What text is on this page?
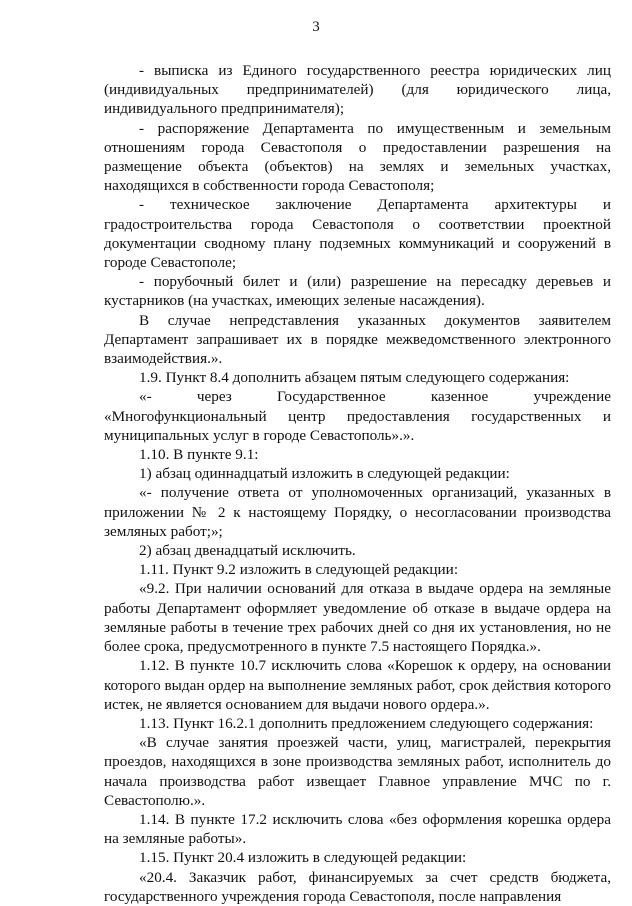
3

- выписка из Единого государственного реестра юридических лиц (индивидуальных предпринимателей) (для юридического лица, индивидуального предпринимателя);

- распоряжение Департамента по имущественным и земельным отношениям города Севастополя о предоставлении разрешения на размещение объекта (объектов) на землях и земельных участках, находящихся в собственности города Севастополя;

- техническое заключение Департамента архитектуры и градостроительства города Севастополя о соответствии проектной документации сводному плану подземных коммуникаций и сооружений в городе Севастополе;

- порубочный билет и (или) разрешение на пересадку деревьев и кустарников (на участках, имеющих зеленые насаждения).

В случае непредставления указанных документов заявителем Департамент запрашивает их в порядке межведомственного электронного взаимодействия.».

1.9. Пункт 8.4 дополнить абзацем пятым следующего содержания:

«- через Государственное казенное учреждение «Многофункциональный центр предоставления государственных и муниципальных услуг в городе Севастополь».».

1.10. В пункте 9.1:

1) абзац одиннадцатый изложить в следующей редакции:

«- получение ответа от уполномоченных организаций, указанных в приложении № 2 к настоящему Порядку, о несогласовании производства земляных работ;»;

2) абзац двенадцатый исключить.

1.11. Пункт 9.2 изложить в следующей редакции:

«9.2. При наличии оснований для отказа в выдаче ордера на земляные работы Департамент оформляет уведомление об отказе в выдаче ордера на земляные работы в течение трех рабочих дней со дня их установления, но не более срока, предусмотренного в пункте 7.5 настоящего Порядка.».

1.12. В пункте 10.7 исключить слова «Корешок к ордеру, на основании которого выдан ордер на выполнение земляных работ, срок действия которого истек, не является основанием для выдачи нового ордера.».

1.13. Пункт 16.2.1 дополнить предложением следующего содержания:

«В случае занятия проезжей части, улиц, магистралей, перекрытия проездов, находящихся в зоне производства земляных работ, исполнитель до начала производства работ извещает Главное управление МЧС по г. Севастополю.».

1.14. В пункте 17.2 исключить слова «без оформления корешка ордера на земляные работы».

1.15. Пункт 20.4 изложить в следующей редакции:

«20.4. Заказчик работ, финансируемых за счет средств бюджета, государственного учреждения города Севастополя, после направления
